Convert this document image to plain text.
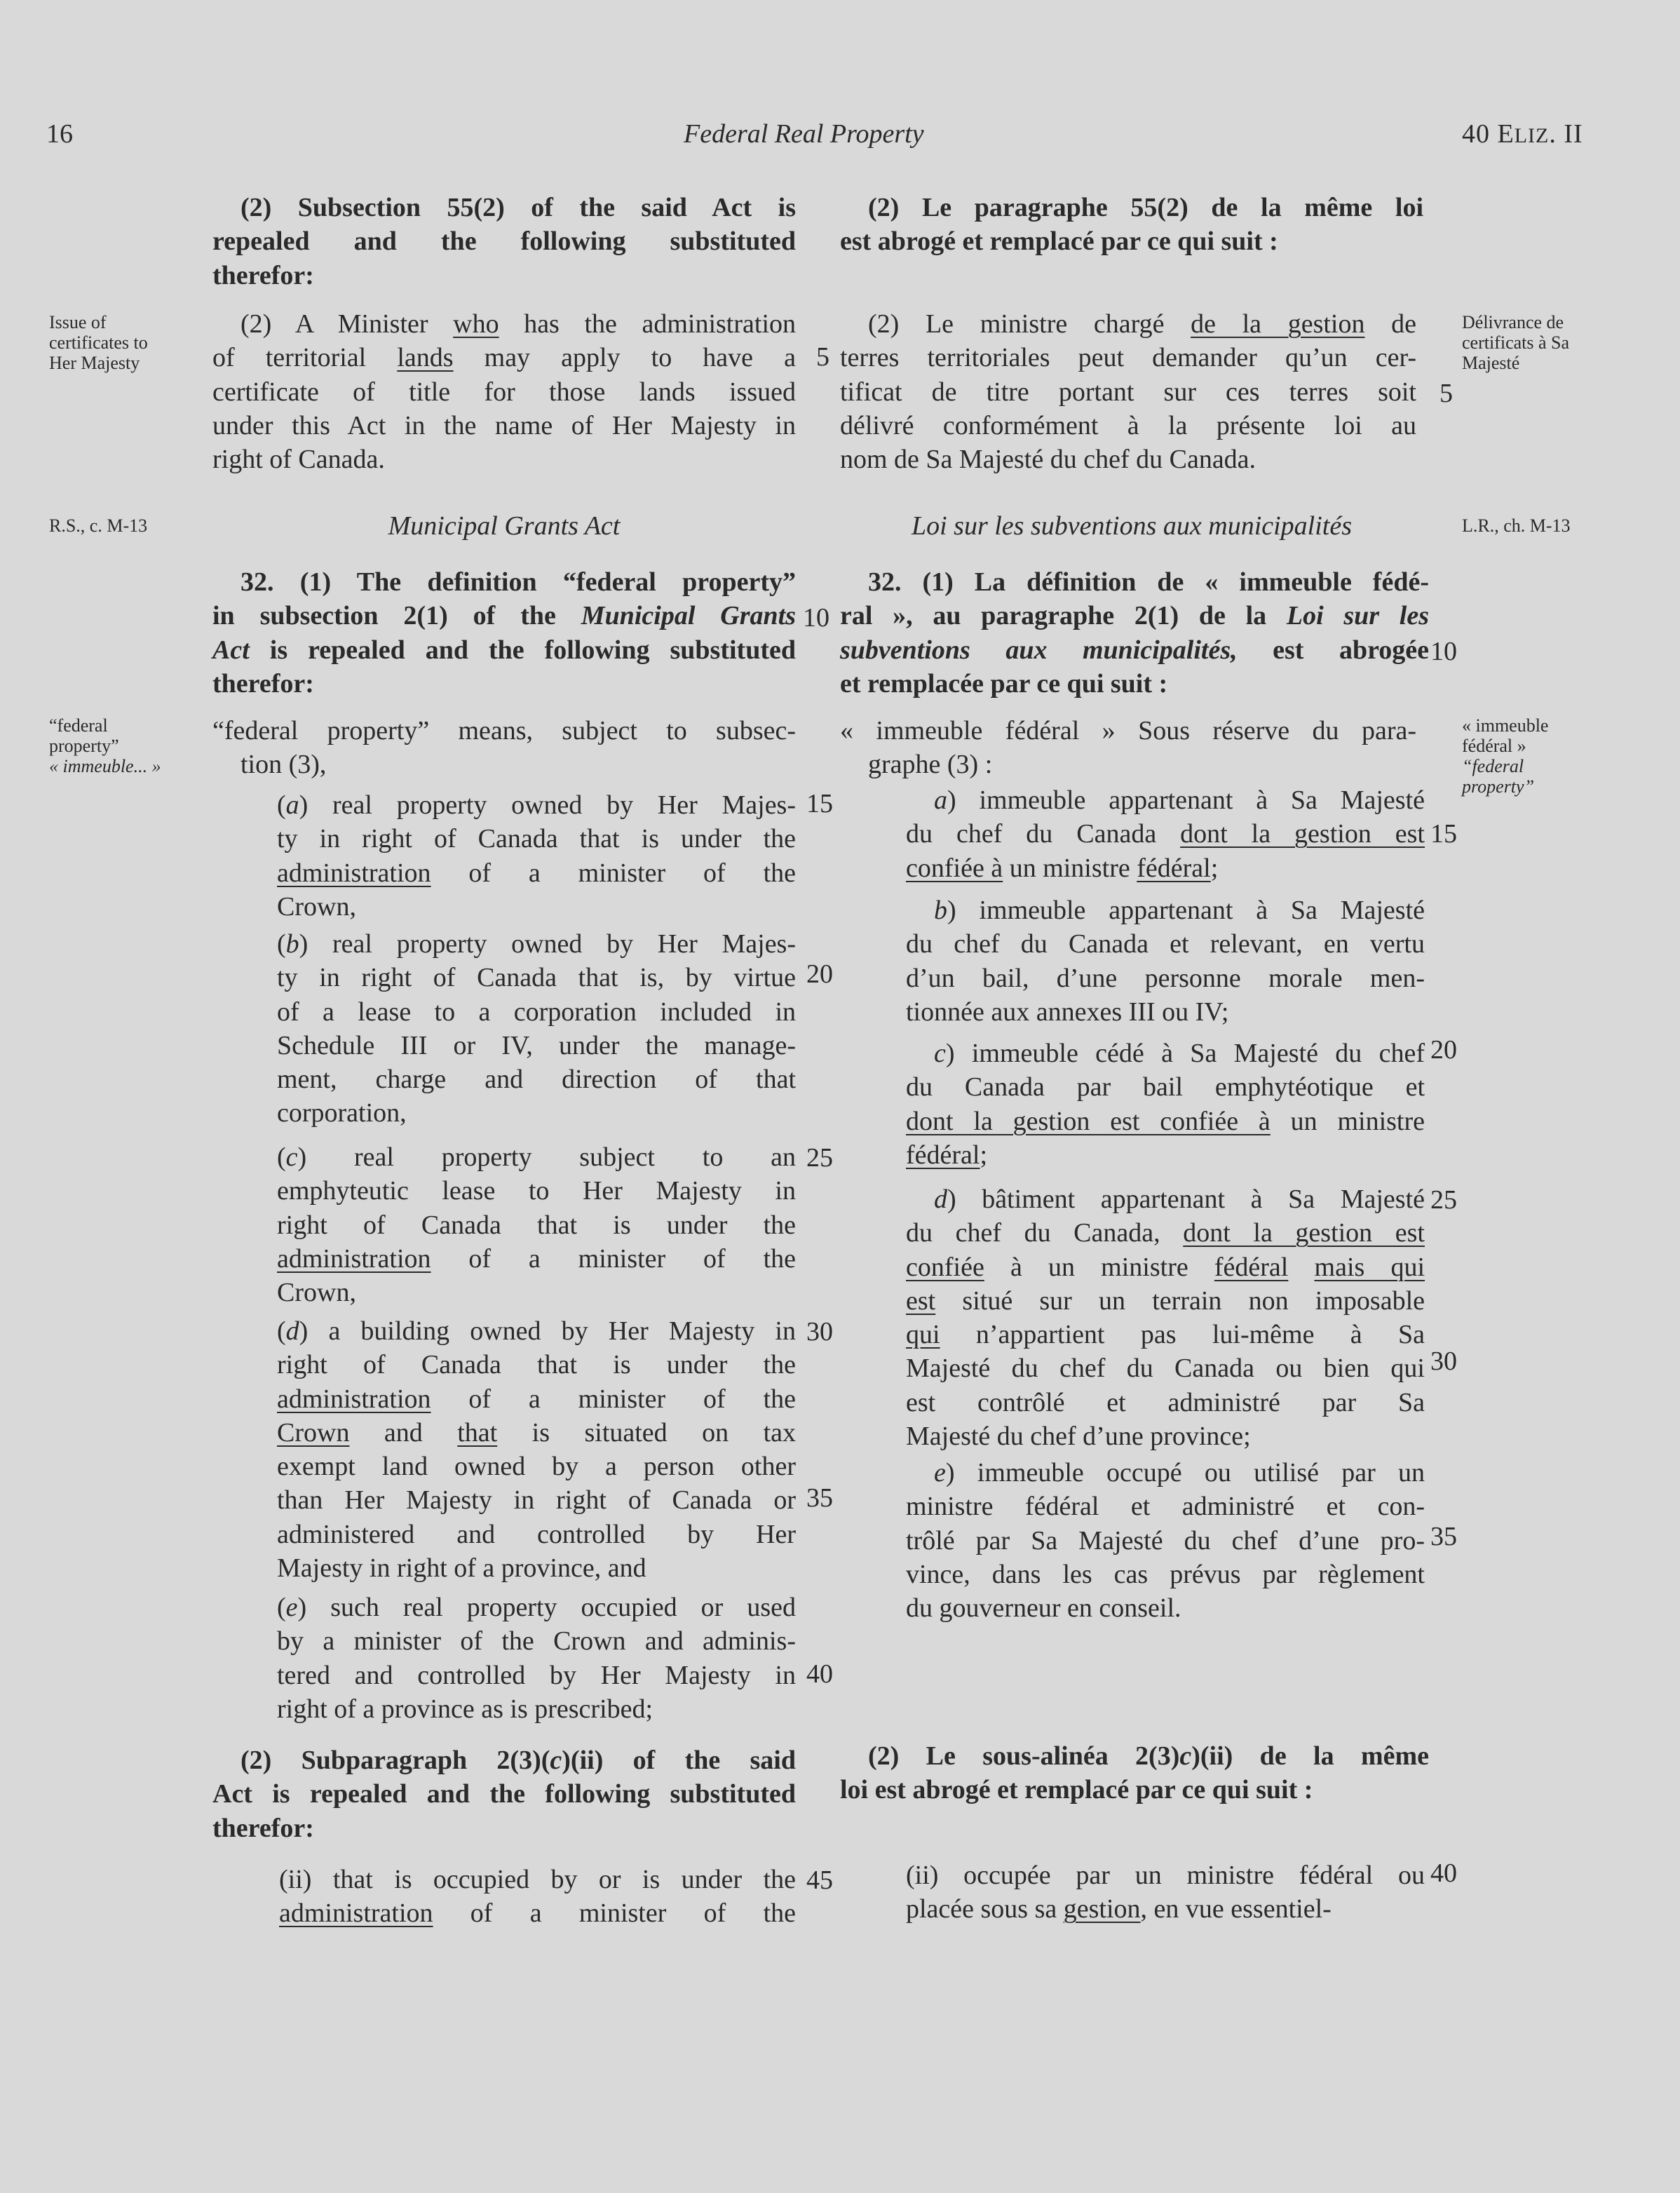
16	Federal Real Property	40 ELIZ. II
Issue of
certificates to
Her Majesty
R.S., c. M-13
“federal
property”
« immeuble... »
Délivrance de
certificats à Sa
Majesté
L.R., ch. M-13
« immeuble
fédéral »
“federal
property”
5
5
10
10
15
15
20
20
25
25
30
30
35
35
40
45	40

(2) Subsection 55(2) of the said Act is

repealed and the following substituted

therefor:

(2) A Minister who has the administration

of territorial lands may apply to have a

certificate of title for those lands issued

under this Act in the name of Her Majesty in

right of Canada.

Municipal Grants Act

32. (1) The definition “federal property”

in subsection 2(1) of the Municipal Grants

Act is repealed and the following substituted

therefor:

“federal property” means, subject to subsec-

tion (3),

(a) real property owned by Her Majes-

ty in right of Canada that is under the

administration of a minister of the

Crown,

(b) real property owned by Her Majes-

ty in right of Canada that is, by virtue

of a lease to a corporation included in

Schedule III or IV, under the manage-

ment, charge and direction of that

corporation,

(c) real property subject to an

emphyteutic lease to Her Majesty in

right of Canada that is under the

administration of a minister of the

Crown,

(d) a building owned by Her Majesty in

right of Canada that is under the

administration of a minister of the

Crown and that is situated on tax

exempt land owned by a person other

than Her Majesty in right of Canada or

administered and controlled by Her

Majesty in right of a province, and

(e) such real property occupied or used

by a minister of the Crown and adminis-

tered and controlled by Her Majesty in

right of a province as is prescribed;

(2) Subparagraph 2(3)(c)(ii) of the said

Act is repealed and the following substituted

therefor:

(ii) that is occupied by or is under the

administration of a minister of the

(2) Le paragraphe 55(2) de la même loi

est abrogé et remplacé par ce qui suit :

(2) Le ministre chargé de la gestion de

terres territoriales peut demander qu’un cer-

tificat de titre portant sur ces terres soit

délivré conformément à la présente loi au

nom de Sa Majesté du chef du Canada.

Loi sur les subventions aux municipalités

32. (1) La définition de « immeuble fédé-

ral », au paragraphe 2(1) de la Loi sur les

subventions aux municipalités, est abrogée

et remplacée par ce qui suit :

« immeuble fédéral » Sous réserve du para-

graphe (3) :

a) immeuble appartenant à Sa Majesté

du chef du Canada dont la gestion est

confiée à un ministre fédéral;

b) immeuble appartenant à Sa Majesté

du chef du Canada et relevant, en vertu

d’un bail, d’une personne morale men-

tionnée aux annexes III ou IV;

c) immeuble cédé à Sa Majesté du chef

du Canada par bail emphytéotique et

dont la gestion est confiée à un ministre

fédéral;

d) bâtiment appartenant à Sa Majesté

du chef du Canada, dont la gestion est

confiée à un ministre fédéral mais qui

est situé sur un terrain non imposable

qui n’appartient pas lui-même à Sa

Majesté du chef du Canada ou bien qui

est contrôlé et administré par Sa

Majesté du chef d’une province;

e) immeuble occupé ou utilisé par un

ministre fédéral et administré et con-

trôlé par Sa Majesté du chef d’une pro-

vince, dans les cas prévus par règlement

du gouverneur en conseil.

(2) Le sous-alinéa 2(3)c)(ii) de la même

loi est abrogé et remplacé par ce qui suit :

(ii) occupée par un ministre fédéral ou

placée sous sa gestion, en vue essentiel-
